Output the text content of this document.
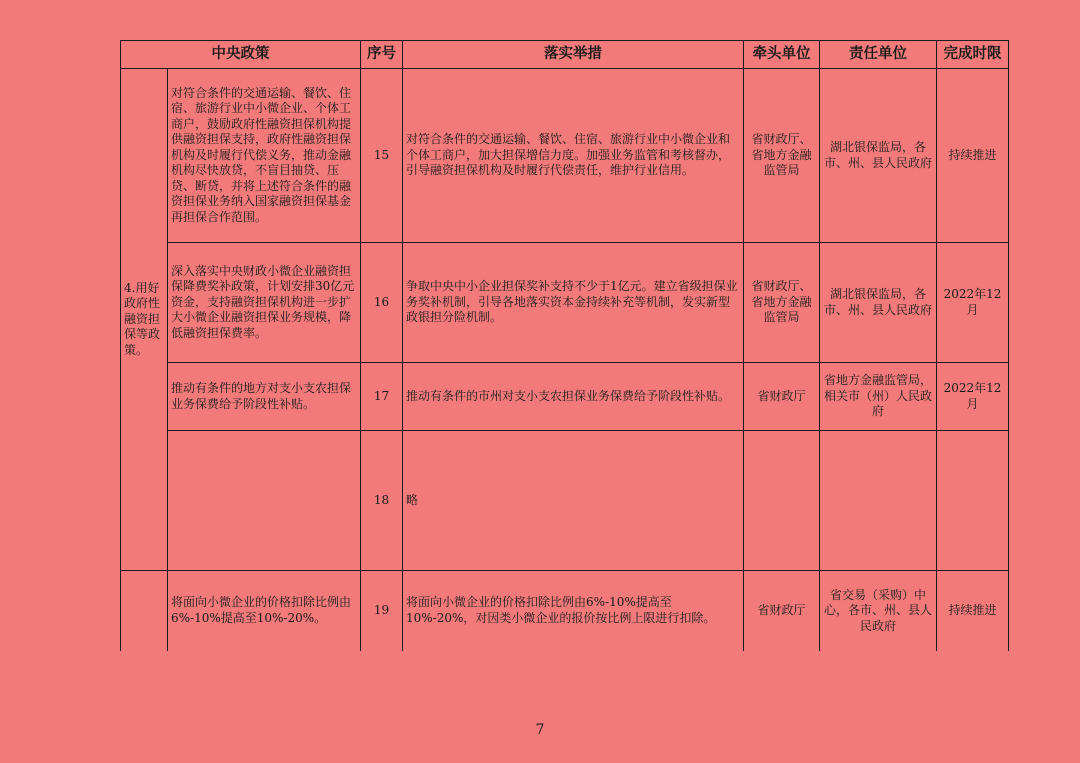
中央政策		序号	落实举措	牵头单位	责任单位	完成时限
4.用好政府性融资担保等政策。	对符合条件的交通运输、餐饮、住宿、旅游行业中小微企业、个体工商户，鼓励政府性融资担保机构提供融资担保支持，政府性融资担保机构及时履行代偿义务，推动金融机构尽快放贷，不盲目抽贷、压贷、断贷，并将上述符合条件的融资担保业务纳入国家融资担保基金再担保合作范围。	15	对符合条件的交通运输、餐饮、住宿、旅游行业中小微企业和个体工商户，加大担保增信力度。加强业务监管和考核督办，引导融资担保机构及时履行代偿责任，维护行业信用。	省财政厅、省地方金融监管局	湖北银保监局，各市、州、县人民政府	持续推进
	深入落实中央财政小微企业融资担保降费奖补政策，计划安排30亿元资金，支持融资担保机构进一步扩大小微企业融资担保业务规模，降低融资担保费率。	16	争取中央中小企业担保奖补支持不少于1亿元。建立省级担保业务奖补机制，引导各地落实资本金持续补充等机制，发实新型政银担分险机制。	省财政厅、省地方金融监管局	湖北银保监局，各市、州、县人民政府	2022年12月
	推动有条件的地方对支小支农担保业务保费给予阶段性补贴。	17	推动有条件的市州对支小支农担保业务保费给予阶段性补贴。	省财政厅	省地方金融监管局，相关市（州）人民政府	2022年12月
		18	略			
	将面向小微企业的价格扣除比例由6%-10%提高至10%-20%。	19	将面向小微企业的价格扣除比例由6%-10%提高至10%-20%，对因类小微企业的报价按比例上限进行扣除。	省财政厅	省交易（采购）中心，各市、州、县人民政府	持续推进
7
